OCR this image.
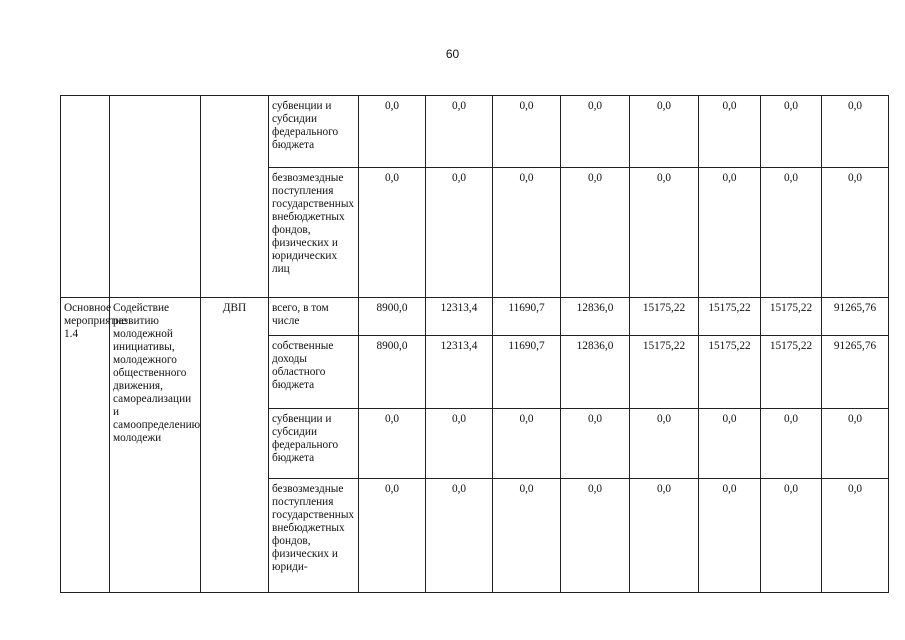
60
			субвенции и субсидии федерального бюджета	0,0	0,0	0,0	0,0	0,0	0,0	0,0	0,0
			безвозмездные поступления государственных внебюджетных фондов, физических и юридических лиц	0,0	0,0	0,0	0,0	0,0	0,0	0,0	0,0
Основное мероприятие 1.4	Содействие развитию молодежной инициативы, молодежного общественного движения, самореализации и самоопределению молодежи	ДВП	всего, в том числе	8900,0	12313,4	11690,7	12836,0	15175,22	15175,22	15175,22	91265,76
			собственные доходы областного бюджета	8900,0	12313,4	11690,7	12836,0	15175,22	15175,22	15175,22	91265,76
			субвенции и субсидии федерального бюджета	0,0	0,0	0,0	0,0	0,0	0,0	0,0	0,0
			безвозмездные поступления государственных внебюджетных фондов, физических и юриди-	0,0	0,0	0,0	0,0	0,0	0,0	0,0	0,0
